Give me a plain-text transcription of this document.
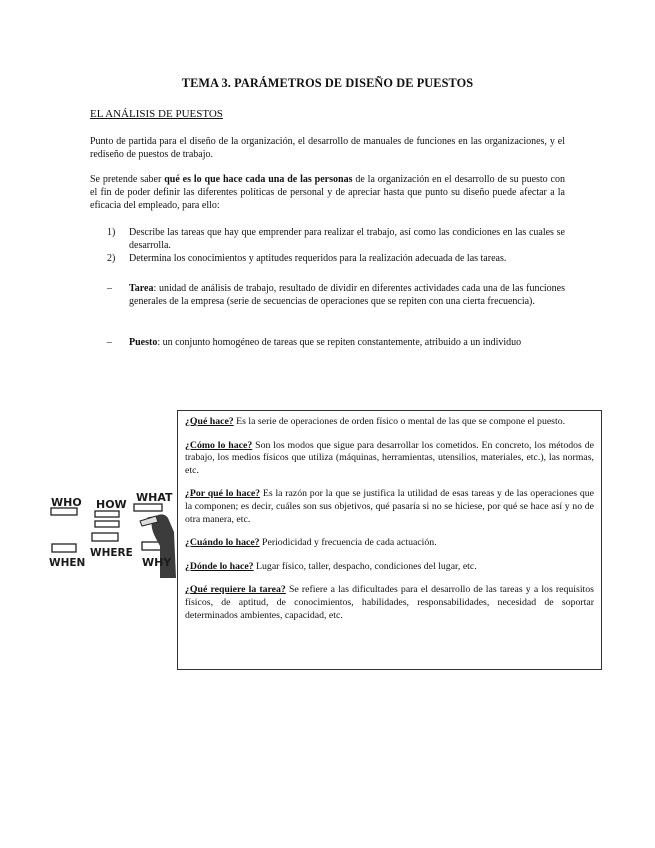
TEMA 3. PARÁMETROS DE DISEÑO DE PUESTOS
EL ANÁLISIS DE PUESTOS
Punto de partida para el diseño de la organización, el desarrollo de manuales de funciones en las organizaciones, y el rediseño de puestos de trabajo.
Se pretende saber qué es lo que hace cada una de las personas de la organización en el desarrollo de su puesto con el fin de poder definir las diferentes políticas de personal y de apreciar hasta que punto su diseño puede afectar a la eficacia del empleado, para ello:
1) Describe las tareas que hay que emprender para realizar el trabajo, así como las condiciones en las cuales se desarrolla.
2) Determina los conocimientos y aptitudes requeridos para la realización adecuada de las tareas.
– Tarea: unidad de análisis de trabajo, resultado de dividir en diferentes actividades cada una de las funciones generales de la empresa (serie de secuencias de operaciones que se repiten con una cierta frecuencia).
– Puesto: un conjunto homogéneo de tareas que se repiten constantemente, atribuido a un individuo
WHO HOW
WHAT
WHEN
WHERE
WHY

¿Qué hace? Es la serie de operaciones de orden físico o mental de las que se compone el puesto.

¿Cómo lo hace? Son los modos que sigue para desarrollar los cometidos. En concreto, los métodos de trabajo, los medios físicos que utiliza (máquinas, herramientas, utensilios, materiales, etc.), las normas, etc.

¿Por qué lo hace? Es la razón por la que se justifica la utilidad de esas tareas y de las operaciones que la componen; es decir, cuáles son sus objetivos, qué pasaría si no se hiciese, por qué se hace así y no de otra manera, etc.

¿Cuándo lo hace? Periodicidad y frecuencia de cada actuación.

¿Dónde lo hace? Lugar físico, taller, despacho, condiciones del lugar, etc.

¿Qué requiere la tarea? Se refiere a las dificultades para el desarrollo de las tareas y a los requisitos físicos, de aptitud, de conocimientos, habilidades, responsabilidades, necesidad de soportar determinados ambientes, capacidad, etc.
